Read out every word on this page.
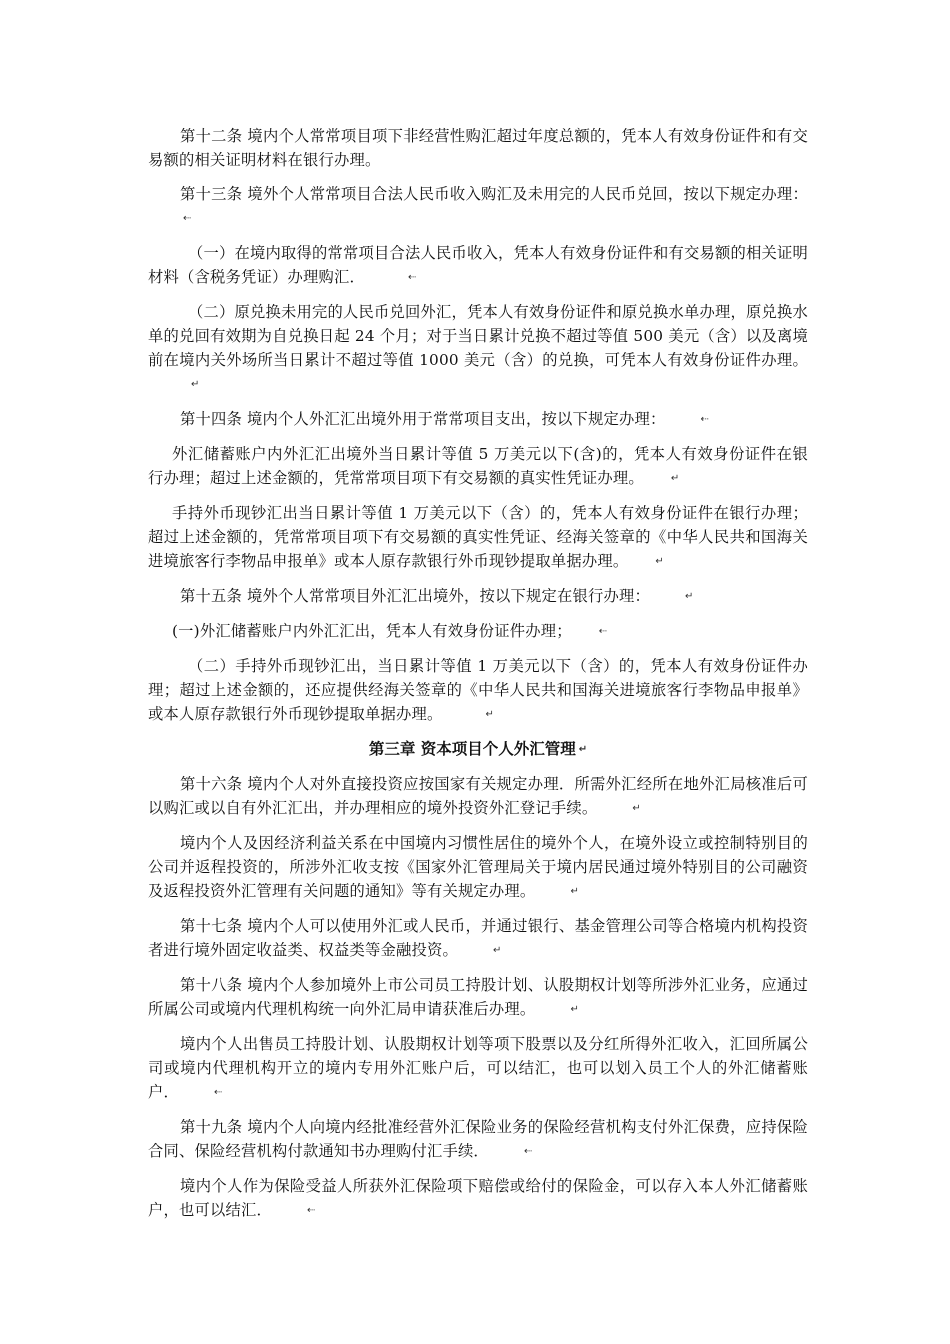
第十二条 境内个人常常项目项下非经营性购汇超过年度总额的，凭本人有效身份证件和有交易额的相关证明材料在银行办理。

第十三条 境外个人常常项目合法人民币收入购汇及未用完的人民币兑回，按以下规定办理：⇠

（一）在境内取得的常常项目合法人民币收入，凭本人有效身份证件和有交易额的相关证明材料（含税务凭证）办理购汇．	⇠

（二）原兑换未用完的人民币兑回外汇，凭本人有效身份证件和原兑换水单办理，原兑换水单的兑回有效期为自兑换日起 24 个月；对于当日累计兑换不超过等值 500 美元（含）以及离境前在境内关外场所当日累计不超过等值 1000 美元（含）的兑换，可凭本人有效身份证件办理。↵

第十四条 境内个人外汇汇出境外用于常常项目支出，按以下规定办理：	⇠

外汇储蓄账户内外汇汇出境外当日累计等值 5 万美元以下(含)的，凭本人有效身份证件在银行办理；超过上述金额的，凭常常项目项下有交易额的真实性凭证办理。	↵

手持外币现钞汇出当日累计等值 1 万美元以下（含）的，凭本人有效身份证件在银行办理；超过上述金额的，凭常常项目项下有交易额的真实性凭证、经海关签章的《中华人民共和国海关进境旅客行李物品申报单》或本人原存款银行外币现钞提取单据办理。	↵

第十五条 境外个人常常项目外汇汇出境外，按以下规定在银行办理：	↵

(一)外汇储蓄账户内外汇汇出，凭本人有效身份证件办理；	⇠

（二）手持外币现钞汇出，当日累计等值 1 万美元以下（含）的，凭本人有效身份证件办理；超过上述金额的，还应提供经海关签章的《中华人民共和国海关进境旅客行李物品申报单》或本人原存款银行外币现钞提取单据办理。	↵

第三章 资本项目个人外汇管理 ↵

第十六条 境内个人对外直接投资应按国家有关规定办理．所需外汇经所在地外汇局核准后可以购汇或以自有外汇汇出，并办理相应的境外投资外汇登记手续。	↵

境内个人及因经济利益关系在中国境内习惯性居住的境外个人，在境外设立或控制特别目的公司并返程投资的，所涉外汇收支按《国家外汇管理局关于境内居民通过境外特别目的公司融资及返程投资外汇管理有关问题的通知》等有关规定办理。	↵

第十七条 境内个人可以使用外汇或人民币，并通过银行、基金管理公司等合格境内机构投资者进行境外固定收益类、权益类等金融投资。	↵

第十八条 境内个人参加境外上市公司员工持股计划、认股期权计划等所涉外汇业务，应通过所属公司或境内代理机构统一向外汇局申请获准后办理。	↵

境内个人出售员工持股计划、认股期权计划等项下股票以及分红所得外汇收入，汇回所属公司或境内代理机构开立的境内专用外汇账户后，可以结汇，也可以划入员工个人的外汇储蓄账户．	⇠

第十九条 境内个人向境内经批准经营外汇保险业务的保险经营机构支付外汇保费，应持保险合同、保险经营机构付款通知书办理购付汇手续．	⇠

境内个人作为保险受益人所获外汇保险项下赔偿或给付的保险金，可以存入本人外汇储蓄账户，也可以结汇．	⇠
